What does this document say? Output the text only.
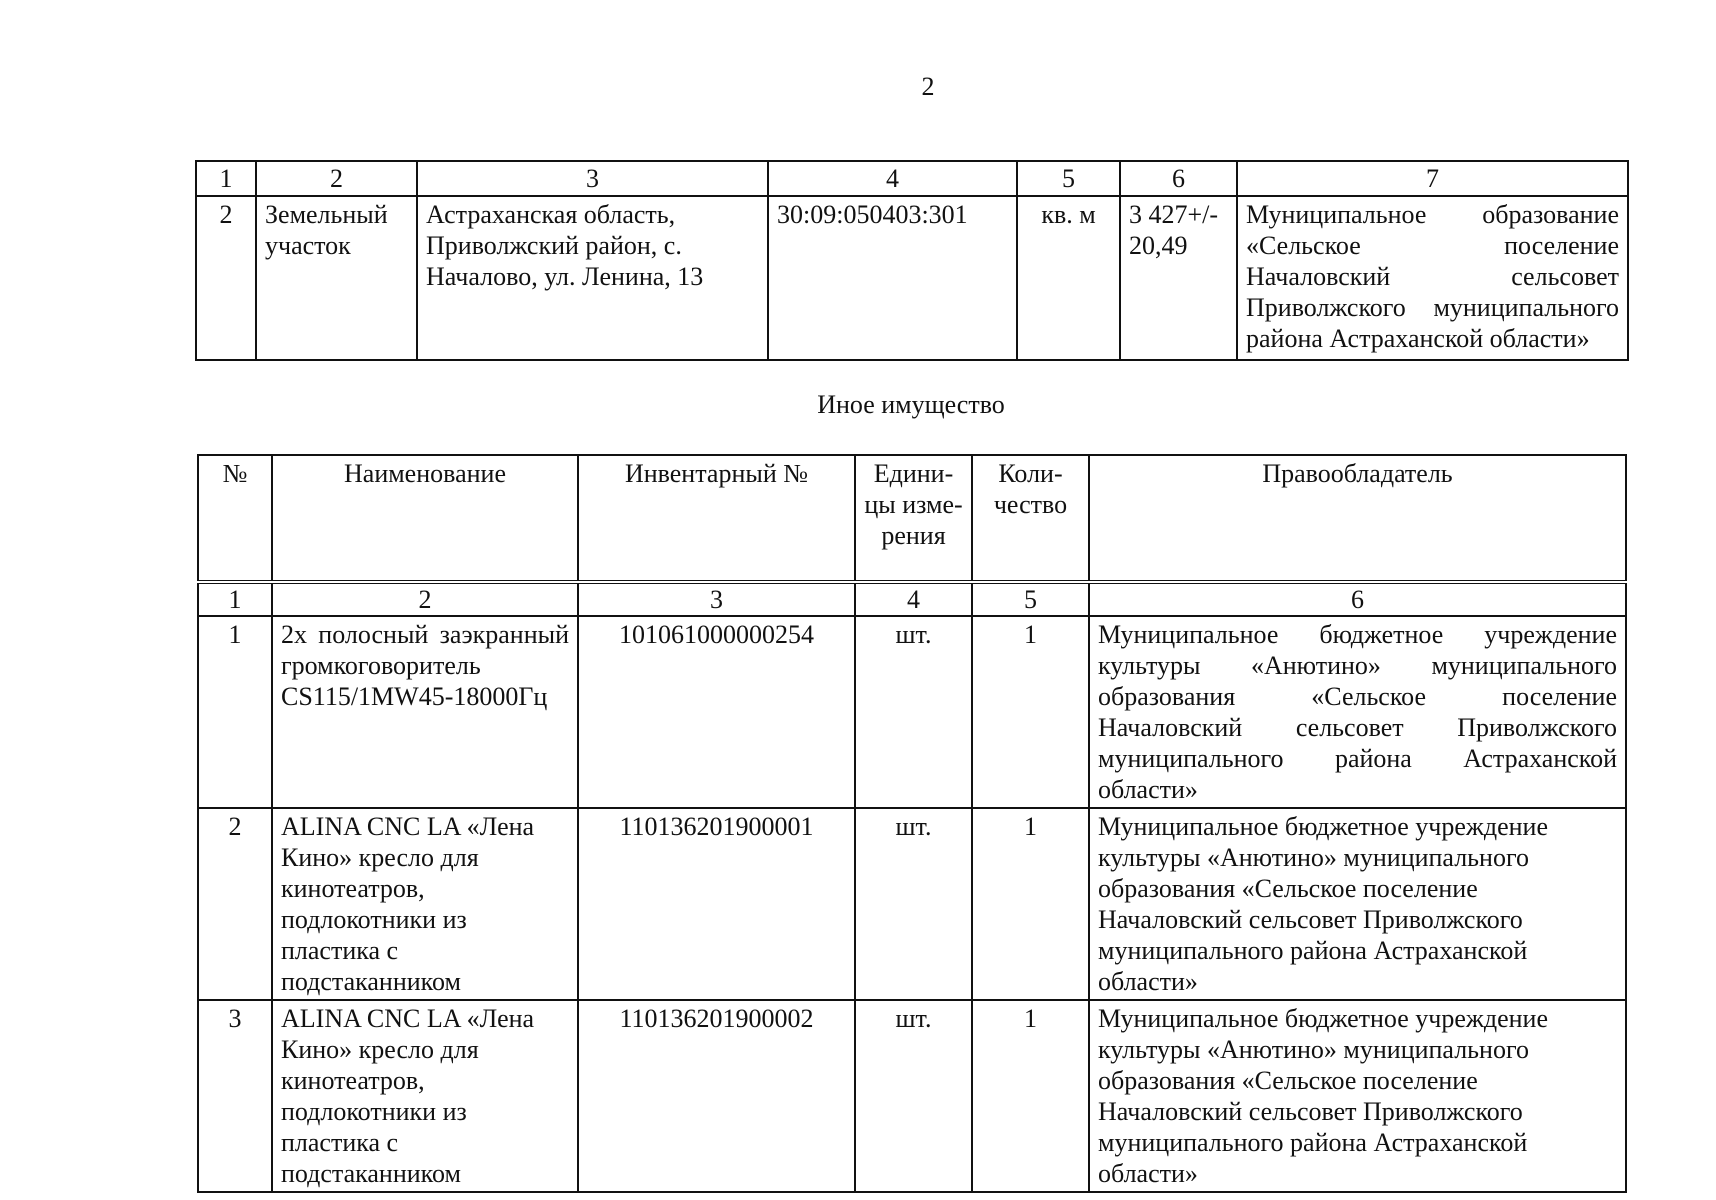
2
1	2	3	4	5	6	7
2	Земельный участок	Астраханская область, Приволжский район, с. Началово, ул. Ленина, 13	30:09:050403:301	кв. м	3 427+/- 20,49	Муниципальное образование «Сельское поселение Началовский сельсовет Приволжского муниципального района Астраханской области»
Иное имущество
№	Наименование	Инвентарный №	Едини-цы изме-рения	Коли-чество	Правообладатель
1	2	3	4	5	6
1	2х полосный заэкранный громкоговоритель CS115/1MW45-18000Гц	101061000000254	шт.	1	Муниципальное бюджетное учреждение культуры «Анютино» муниципального образования «Сельское поселение Началовский сельсовет Приволжского муниципального района Астраханской области»
2	ALINA CNC LA «Лена Кино» кресло для кинотеатров, подлокотники из пластика с подстаканником	110136201900001	шт.	1	Муниципальное бюджетное учреждение культуры «Анютино» муниципального образования «Сельское поселение Началовский сельсовет Приволжского муниципального района Астраханской области»
3	ALINA CNC LA «Лена Кино» кресло для кинотеатров, подлокотники из пластика с подстаканником	110136201900002	шт.	1	Муниципальное бюджетное учреждение культуры «Анютино» муниципального образования «Сельское поселение Началовский сельсовет Приволжского муниципального района Астраханской области»
